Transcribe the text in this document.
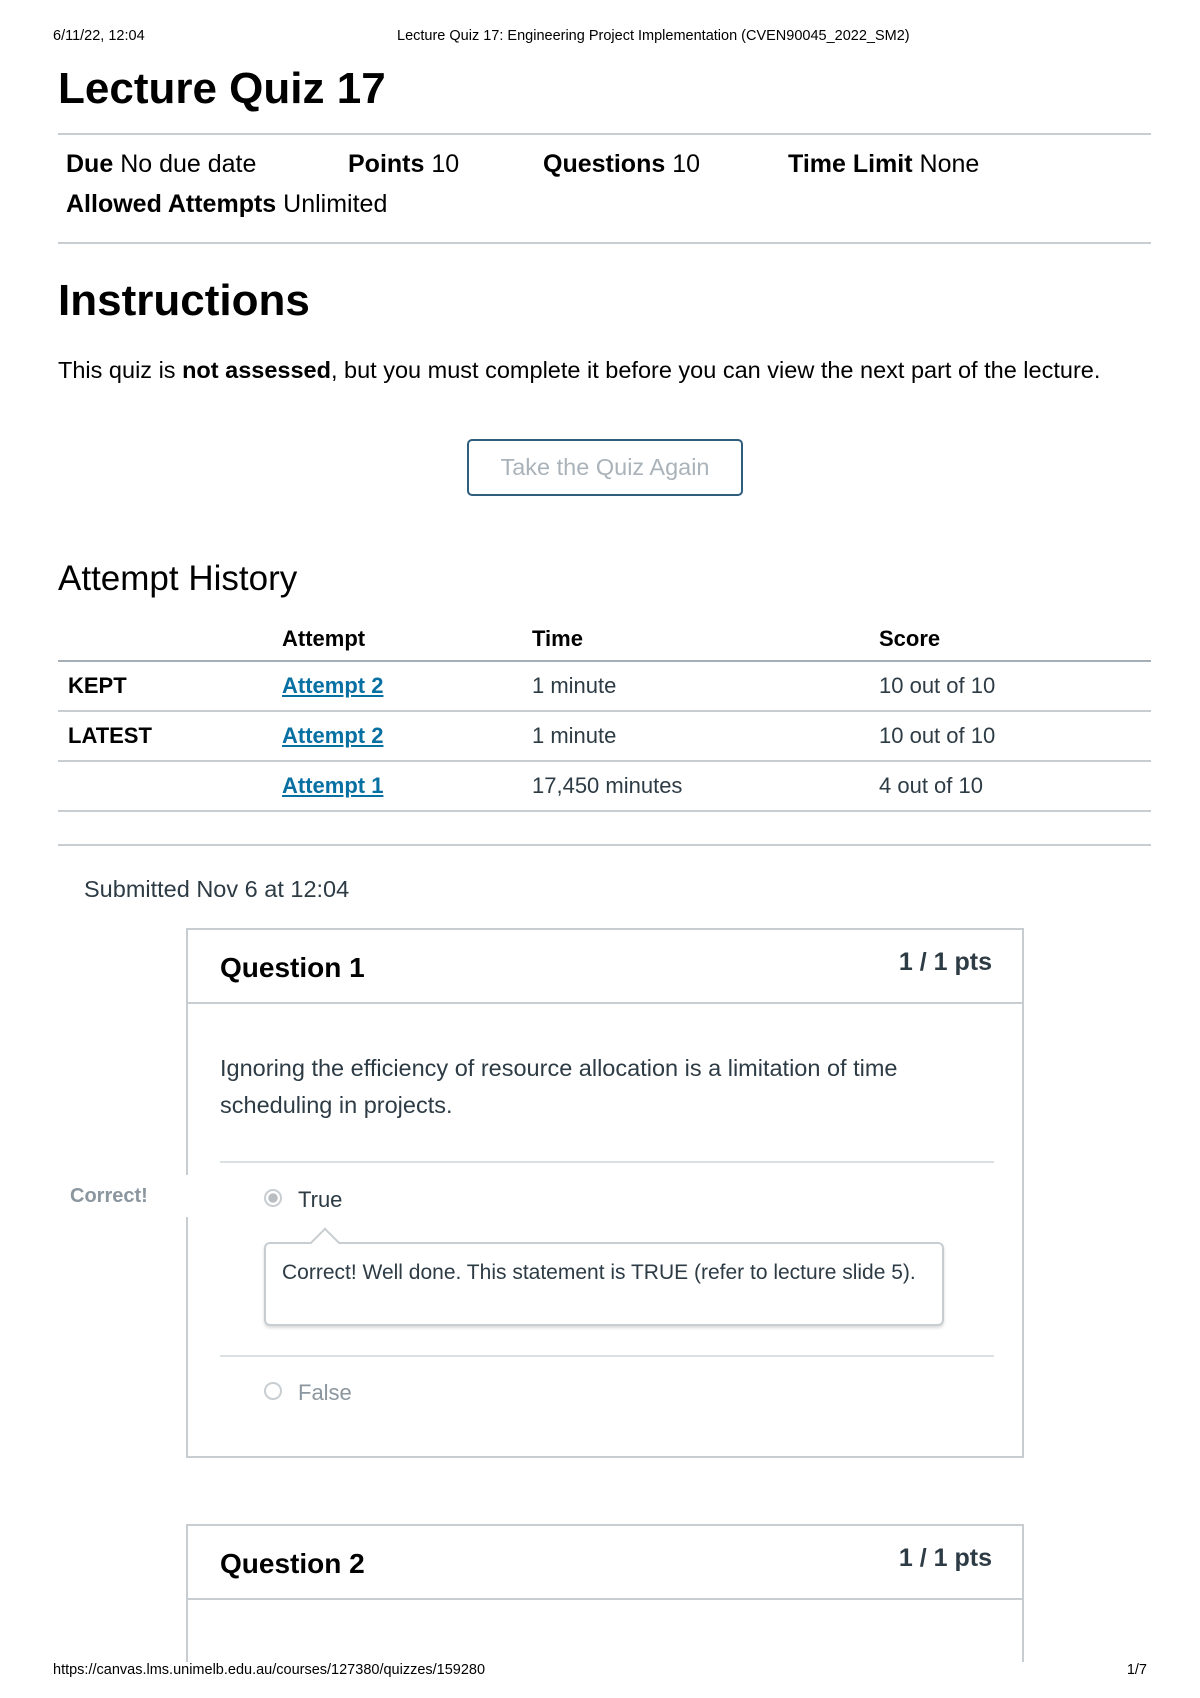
6/11/22, 12:04	Lecture Quiz 17: Engineering Project Implementation (CVEN90045_2022_SM2)
Lecture Quiz 17
Due No due date	Points 10	Questions 10	Time Limit None
Allowed Attempts Unlimited
Instructions

This quiz is not assessed, but you must complete it before you can view the next part of the lecture.

Take the Quiz Again
Attempt History
	Attempt	Time	Score
KEPT	Attempt 2	1 minute	10 out of 10
LATEST	Attempt 2	1 minute	10 out of 10
	Attempt 1	17,450 minutes	4 out of 10
Submitted Nov 6 at 12:04
Question 1	1 / 1 pts

Ignoring the efficiency of resource allocation is a limitation of time scheduling in projects.

True
Correct! Well done. This statement is TRUE (refer to lecture slide 5).
False
Correct!
Question 2	1 / 1 pts
https://canvas.lms.unimelb.edu.au/courses/127380/quizzes/159280	1/7
